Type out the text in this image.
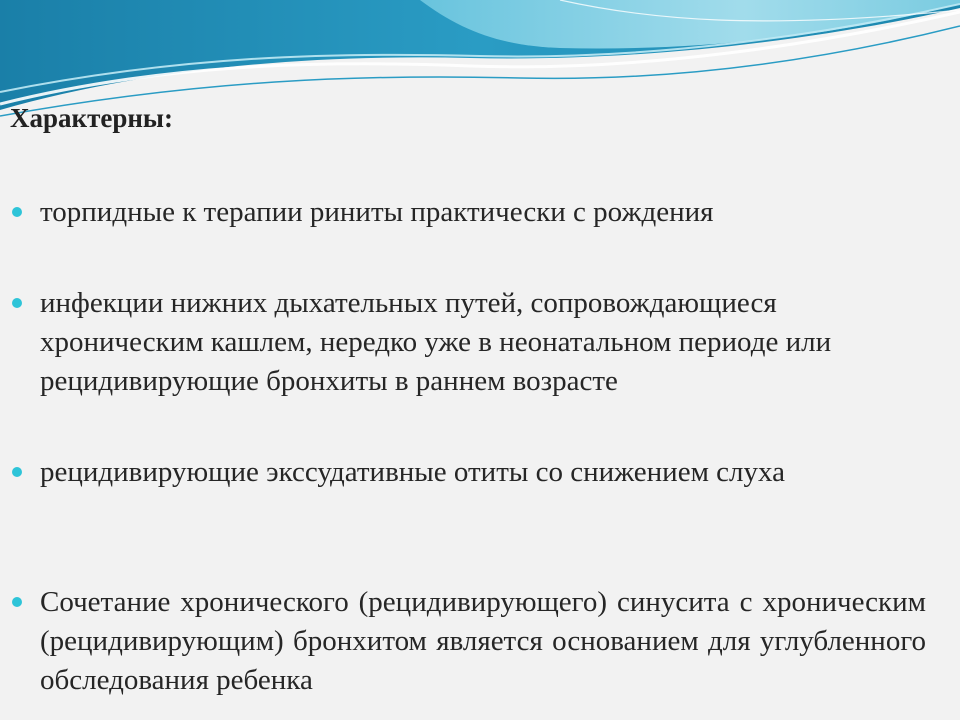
Характерны:
торпидные к терапии риниты практически с рождения
инфекции нижних дыхательных путей, сопровождающиеся хроническим кашлем, нередко уже в неонатальном периоде или рецидивирующие бронхиты в раннем возрасте
рецидивирующие экссудативные отиты со снижением слуха
Сочетание хронического (рецидивирующего) синусита с хроническим (рецидивирующим) бронхитом является основанием для углубленного обследования ребенка
